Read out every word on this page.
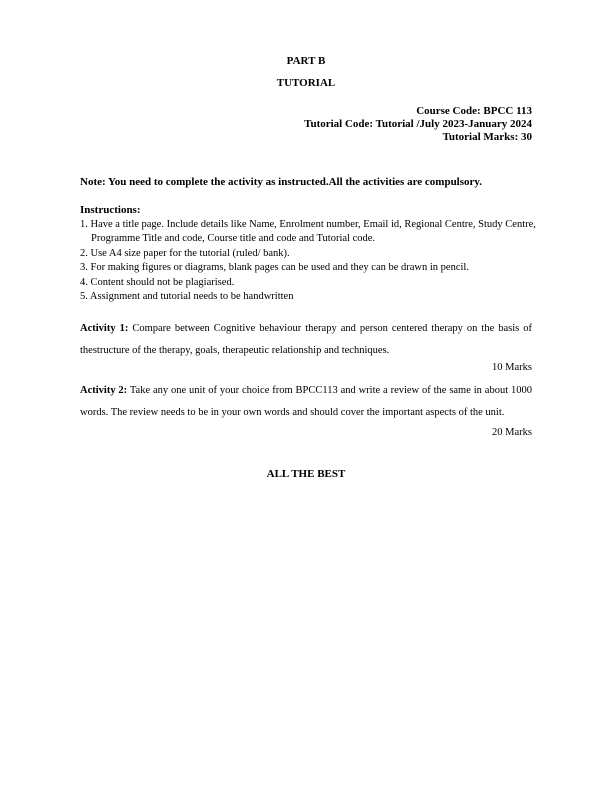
PART B
TUTORIAL
Course Code: BPCC 113
Tutorial Code: Tutorial /July 2023-January 2024
Tutorial Marks: 30
Note: You need to complete the activity as instructed.All the activities are compulsory.
Instructions:
1. Have a title page. Include details like Name, Enrolment number, Email id, Regional Centre, Study Centre, Programme Title and code, Course title and code and Tutorial code.
2. Use A4 size paper for the tutorial (ruled/ bank).
3. For making figures or diagrams, blank pages can be used and they can be drawn in pencil.
4. Content should not be plagiarised.
5. Assignment and tutorial needs to be handwritten
Activity 1: Compare between Cognitive behaviour therapy and person centered therapy on the basis of thestructure of the therapy, goals, therapeutic relationship and techniques.
10 Marks
Activity 2: Take any one unit of your choice from BPCC113 and write a review of the same in about 1000 words. The review needs to be in your own words and should cover the important aspects of the unit.
20 Marks
ALL THE BEST
